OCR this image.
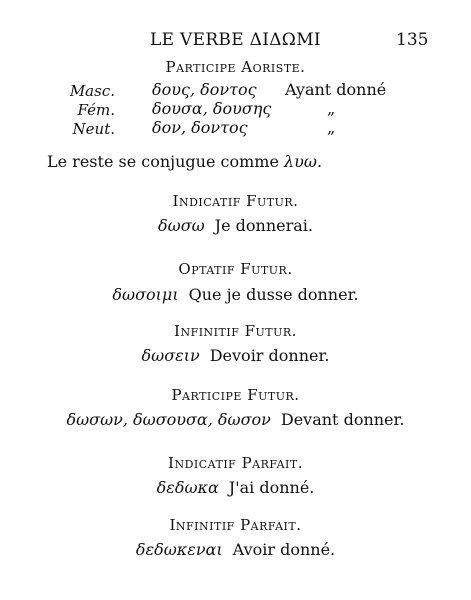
LE VERBE ΔΙΔΩΜΙ	135
Participe Aoriste.
Masc. δους, δοντος Ayant donné
Fém. δουσα, δουσης	„
Neut. δον, δοντος	„
Le reste se conjugue comme λυω.
Indicatif Futur.
δωσω Je donnerai.
Optatif Futur.
δωσοιμι Que je dusse donner.
Infinitif Futur.
δωσειν Devoir donner.
Participe Futur.
δωσων, δωσουσα, δωσον Devant donner.
Indicatif Parfait.
δεδωκα J'ai donné.
Infinitif Parfait.
δεδωκεναι Avoir donné.
